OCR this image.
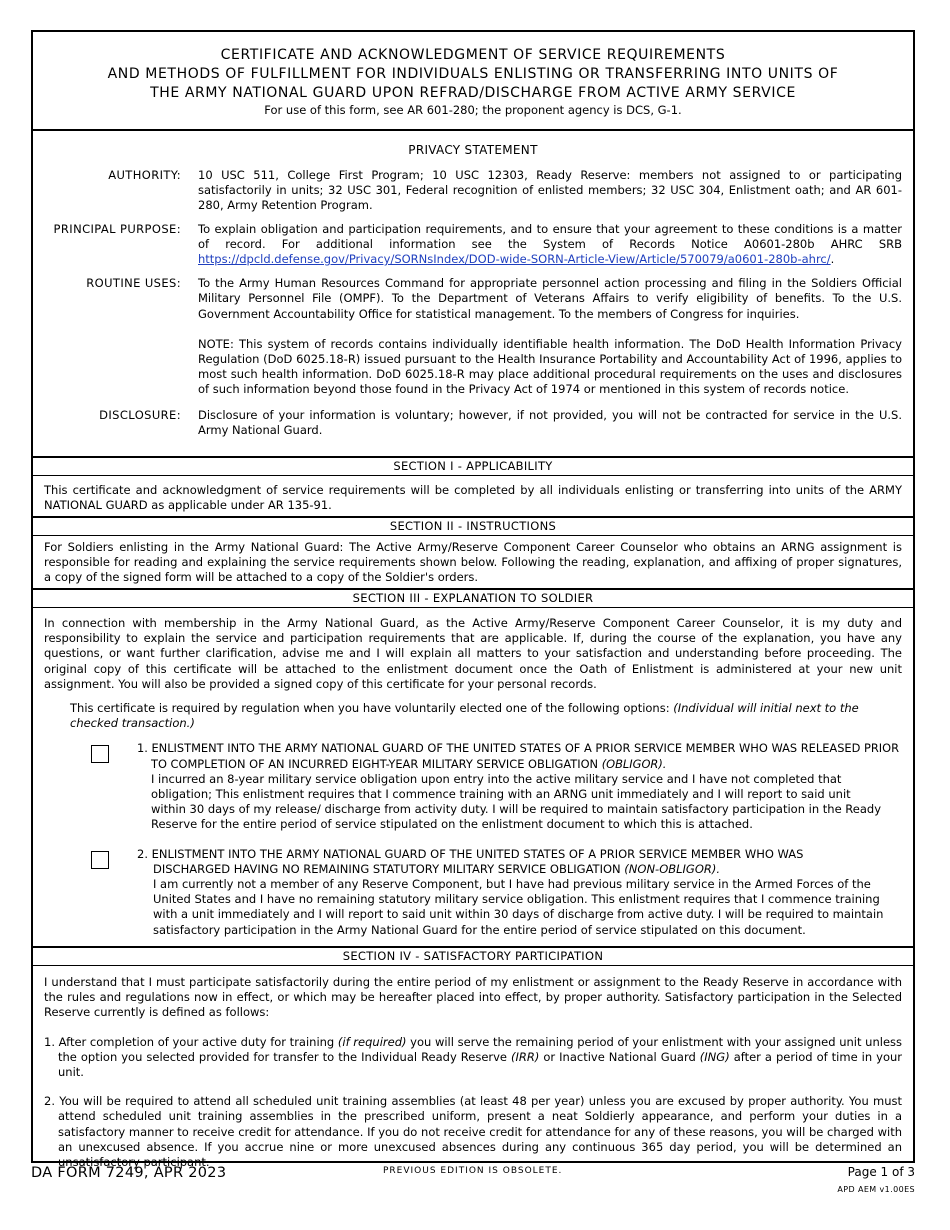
CERTIFICATE AND ACKNOWLEDGMENT OF SERVICE REQUIREMENTS
AND METHODS OF FULFILLMENT FOR INDIVIDUALS ENLISTING OR TRANSFERRING INTO UNITS OF
THE ARMY NATIONAL GUARD UPON REFRAD/DISCHARGE FROM ACTIVE ARMY SERVICE
For use of this form, see AR 601-280; the proponent agency is DCS, G-1.
PRIVACY STATEMENT
AUTHORITY: 10 USC 511, College First Program; 10 USC 12303, Ready Reserve: members not assigned to or participating satisfactorily in units; 32 USC 301, Federal recognition of enlisted members; 32 USC 304, Enlistment oath; and AR 601-280, Army Retention Program.
PRINCIPAL PURPOSE: To explain obligation and participation requirements, and to ensure that your agreement to these conditions is a matter of record. For additional information see the System of Records Notice A0601-280b AHRC SRB https://dpcld.defense.gov/Privacy/SORNsIndex/DOD-wide-SORN-Article-View/Article/570079/a0601-280b-ahrc/.
ROUTINE USES: To the Army Human Resources Command for appropriate personnel action processing and filing in the Soldiers Official Military Personnel File (OMPF). To the Department of Veterans Affairs to verify eligibility of benefits. To the U.S. Government Accountability Office for statistical management. To the members of Congress for inquiries.
NOTE: This system of records contains individually identifiable health information. The DoD Health Information Privacy Regulation (DoD 6025.18-R) issued pursuant to the Health Insurance Portability and Accountability Act of 1996, applies to most such health information. DoD 6025.18-R may place additional procedural requirements on the uses and disclosures of such information beyond those found in the Privacy Act of 1974 or mentioned in this system of records notice.
DISCLOSURE: Disclosure of your information is voluntary; however, if not provided, you will not be contracted for service in the U.S. Army National Guard.
SECTION I - APPLICABILITY

This certificate and acknowledgment of service requirements will be completed by all individuals enlisting or transferring into units of the ARMY NATIONAL GUARD as applicable under AR 135-91.

SECTION II - INSTRUCTIONS

For Soldiers enlisting in the Army National Guard: The Active Army/Reserve Component Career Counselor who obtains an ARNG assignment is responsible for reading and explaining the service requirements shown below. Following the reading, explanation, and affixing of proper signatures, a copy of the signed form will be attached to a copy of the Soldier's orders.

SECTION III - EXPLANATION TO SOLDIER

In connection with membership in the Army National Guard, as the Active Army/Reserve Component Career Counselor, it is my duty and responsibility to explain the service and participation requirements that are applicable. If, during the course of the explanation, you have any questions, or want further clarification, advise me and I will explain all matters to your satisfaction and understanding before proceeding. The original copy of this certificate will be attached to the enlistment document once the Oath of Enlistment is administered at your new unit assignment. You will also be provided a signed copy of this certificate for your personal records.

This certificate is required by regulation when you have voluntarily elected one of the following options: (Individual will initial next to the checked transaction.)

1. ENLISTMENT INTO THE ARMY NATIONAL GUARD OF THE UNITED STATES OF A PRIOR SERVICE MEMBER WHO WAS RELEASED PRIOR TO COMPLETION OF AN INCURRED EIGHT-YEAR MILITARY SERVICE OBLIGATION (OBLIGOR).
I incurred an 8-year military service obligation upon entry into the active military service and I have not completed that obligation; This enlistment requires that I commence training with an ARNG unit immediately and I will report to said unit within 30 days of my release/ discharge from activity duty. I will be required to maintain satisfactory participation in the Ready Reserve for the entire period of service stipulated on the enlistment document to which this is attached.
2. ENLISTMENT INTO THE ARMY NATIONAL GUARD OF THE UNITED STATES OF A PRIOR SERVICE MEMBER WHO WAS DISCHARGED HAVING NO REMAINING STATUTORY MILITARY SERVICE OBLIGATION (NON-OBLIGOR).
I am currently not a member of any Reserve Component, but I have had previous military service in the Armed Forces of the United States and I have no remaining statutory military service obligation. This enlistment requires that I commence training with a unit immediately and I will report to said unit within 30 days of discharge from active duty. I will be required to maintain satisfactory participation in the Army National Guard for the entire period of service stipulated on this document.
SECTION IV - SATISFACTORY PARTICIPATION

I understand that I must participate satisfactorily during the entire period of my enlistment or assignment to the Ready Reserve in accordance with the rules and regulations now in effect, or which may be hereafter placed into effect, by proper authority. Satisfactory participation in the Selected Reserve currently is defined as follows:

1. After completion of your active duty for training (if required) you will serve the remaining period of your enlistment with your assigned unit unless the option you selected provided for transfer to the Individual Ready Reserve (IRR) or Inactive National Guard (ING) after a period of time in your unit.

2. You will be required to attend all scheduled unit training assemblies (at least 48 per year) unless you are excused by proper authority. You must attend scheduled unit training assemblies in the prescribed uniform, present a neat Soldierly appearance, and perform your duties in a satisfactory manner to receive credit for attendance. If you do not receive credit for attendance for any of these reasons, you will be charged with an unexcused absence. If you accrue nine or more unexcused absences during any continuous 365 day period, you will be determined an unsatisfactory participant.

DA FORM 7249, APR 2023	PREVIOUS EDITION IS OBSOLETE.	Page 1 of 3
APD AEM v1.00ES
